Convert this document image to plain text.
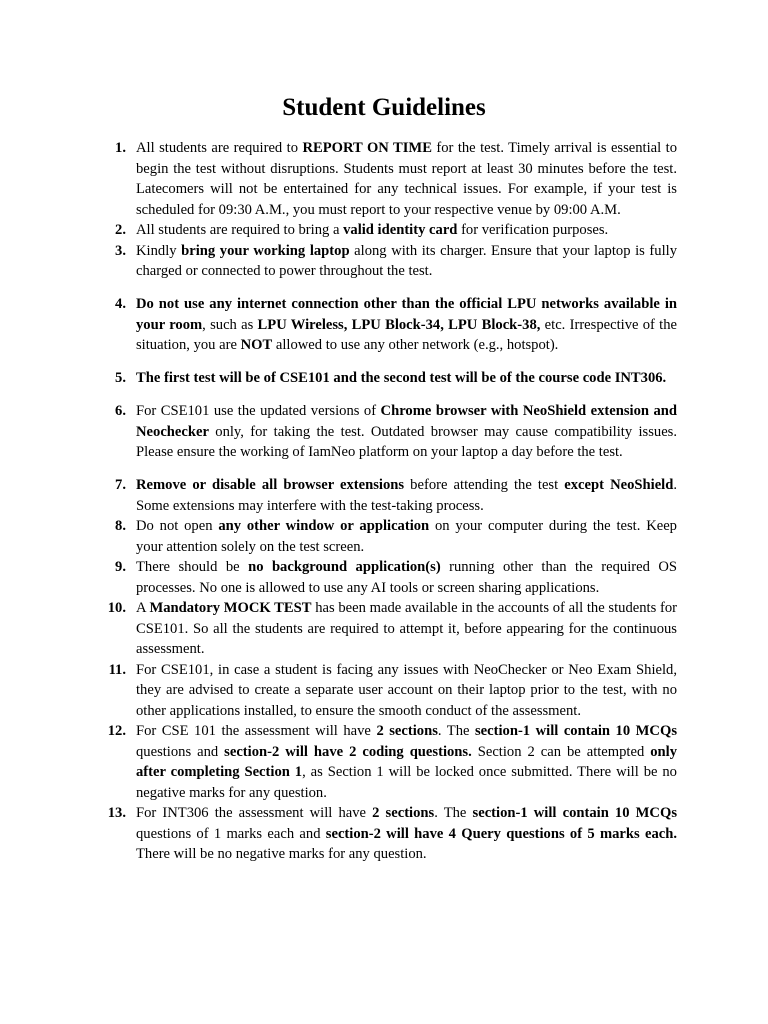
Student Guidelines
1. All students are required to REPORT ON TIME for the test. Timely arrival is essential to begin the test without disruptions. Students must report at least 30 minutes before the test. Latecomers will not be entertained for any technical issues. For example, if your test is scheduled for 09:30 A.M., you must report to your respective venue by 09:00 A.M.
2. All students are required to bring a valid identity card for verification purposes.
3. Kindly bring your working laptop along with its charger. Ensure that your laptop is fully charged or connected to power throughout the test.
4. Do not use any internet connection other than the official LPU networks available in your room, such as LPU Wireless, LPU Block-34, LPU Block-38, etc. Irrespective of the situation, you are NOT allowed to use any other network (e.g., hotspot).
5. The first test will be of CSE101 and the second test will be of the course code INT306.
6. For CSE101 use the updated versions of Chrome browser with NeoShield extension and Neochecker only, for taking the test. Outdated browser may cause compatibility issues. Please ensure the working of IamNeo platform on your laptop a day before the test.
7. Remove or disable all browser extensions before attending the test except NeoShield. Some extensions may interfere with the test-taking process.
8. Do not open any other window or application on your computer during the test. Keep your attention solely on the test screen.
9. There should be no background application(s) running other than the required OS processes. No one is allowed to use any AI tools or screen sharing applications.
10. A Mandatory MOCK TEST has been made available in the accounts of all the students for CSE101. So all the students are required to attempt it, before appearing for the continuous assessment.
11. For CSE101, in case a student is facing any issues with NeoChecker or Neo Exam Shield, they are advised to create a separate user account on their laptop prior to the test, with no other applications installed, to ensure the smooth conduct of the assessment.
12. For CSE 101 the assessment will have 2 sections. The section-1 will contain 10 MCQs questions and section-2 will have 2 coding questions. Section 2 can be attempted only after completing Section 1, as Section 1 will be locked once submitted. There will be no negative marks for any question.
13. For INT306 the assessment will have 2 sections. The section-1 will contain 10 MCQs questions of 1 marks each and section-2 will have 4 Query questions of 5 marks each. There will be no negative marks for any question.
